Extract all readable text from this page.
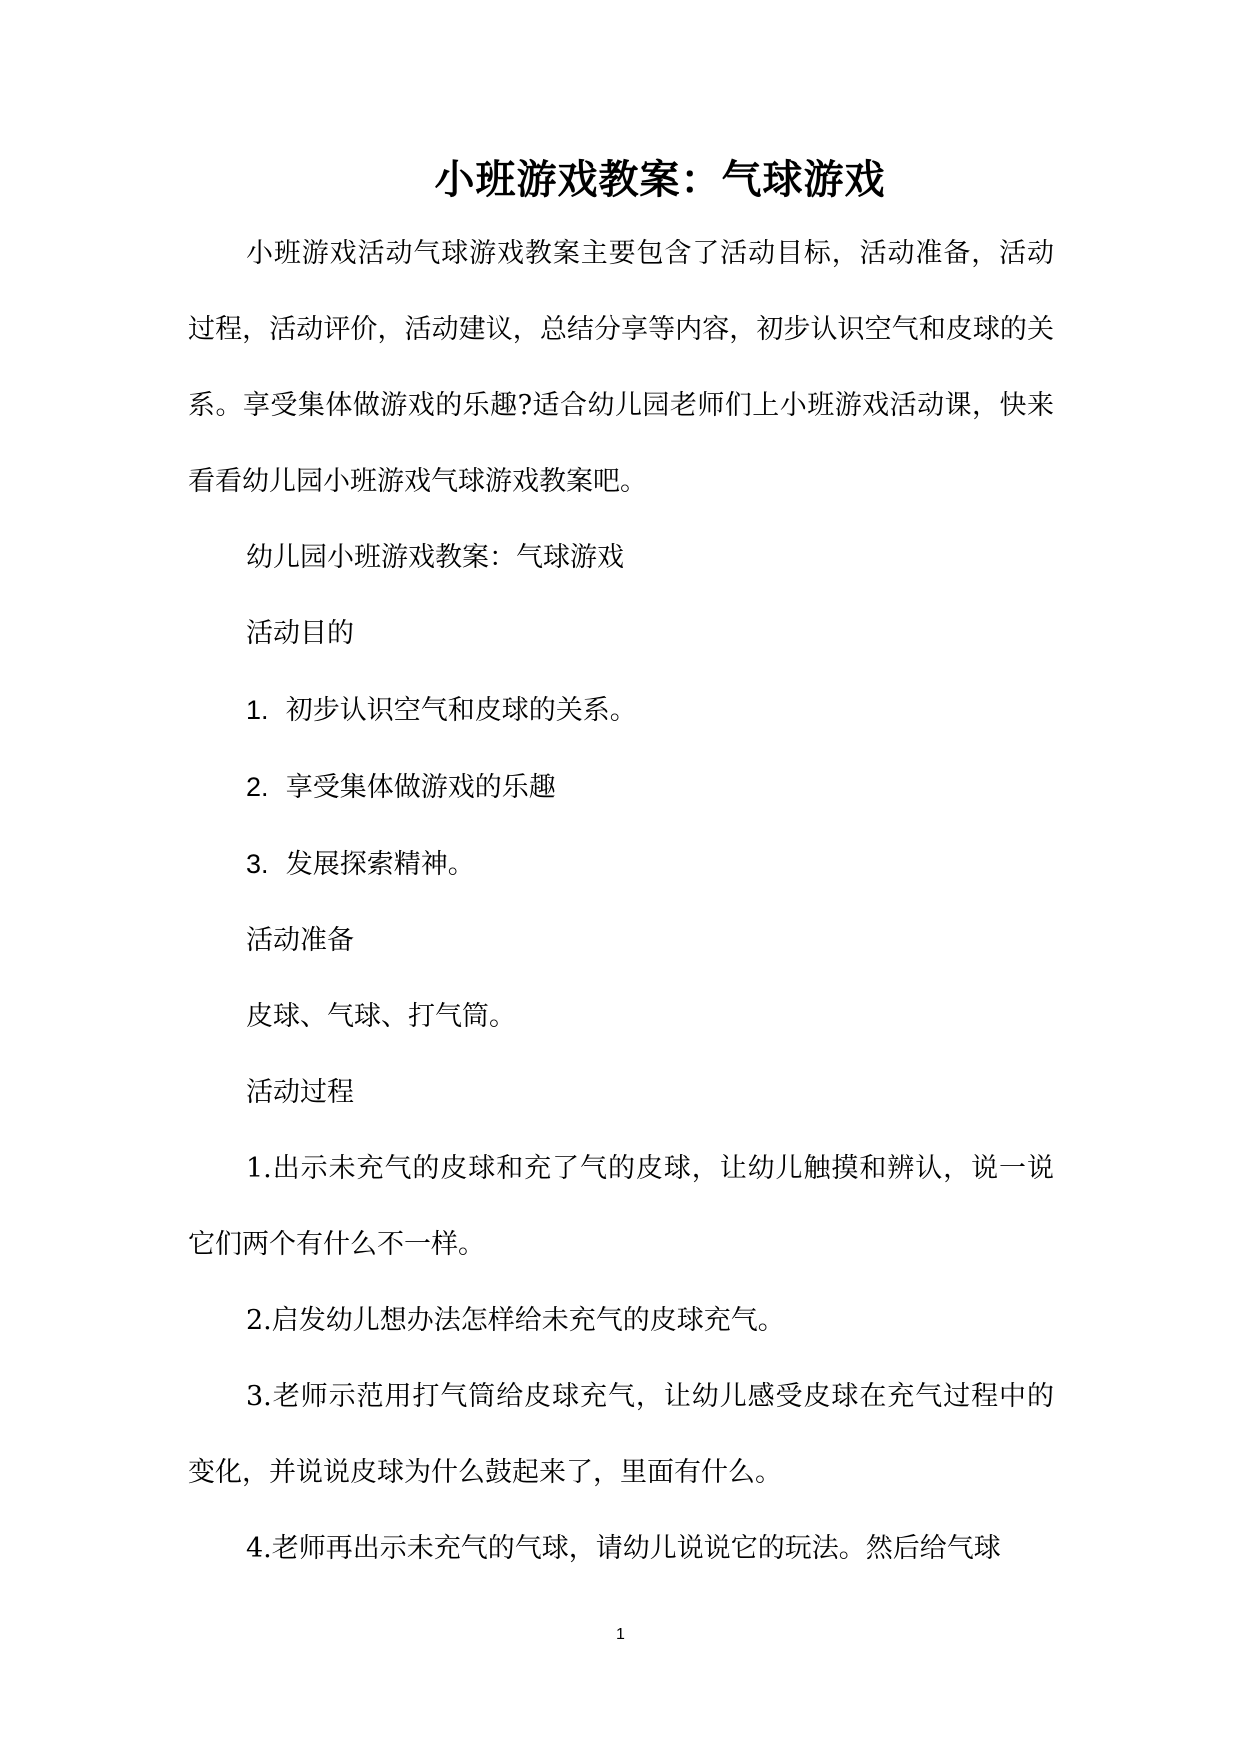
小班游戏教案：气球游戏

小班游戏活动气球游戏教案主要包含了活动目标，活动准备，活动过程，活动评价，活动建议，总结分享等内容，初步认识空气和皮球的关系。享受集体做游戏的乐趣?适合幼儿园老师们上小班游戏活动课，快来看看幼儿园小班游戏气球游戏教案吧。

幼儿园小班游戏教案：气球游戏

活动目的

1. 初步认识空气和皮球的关系。

2. 享受集体做游戏的乐趣

3. 发展探索精神。

活动准备

皮球、气球、打气筒。

活动过程

1.出示未充气的皮球和充了气的皮球，让幼儿触摸和辨认，说一说它们两个有什么不一样。

2.启发幼儿想办法怎样给未充气的皮球充气。

3.老师示范用打气筒给皮球充气，让幼儿感受皮球在充气过程中的变化，并说说皮球为什么鼓起来了，里面有什么。

4.老师再出示未充气的气球，请幼儿说说它的玩法。然后给气球

1
